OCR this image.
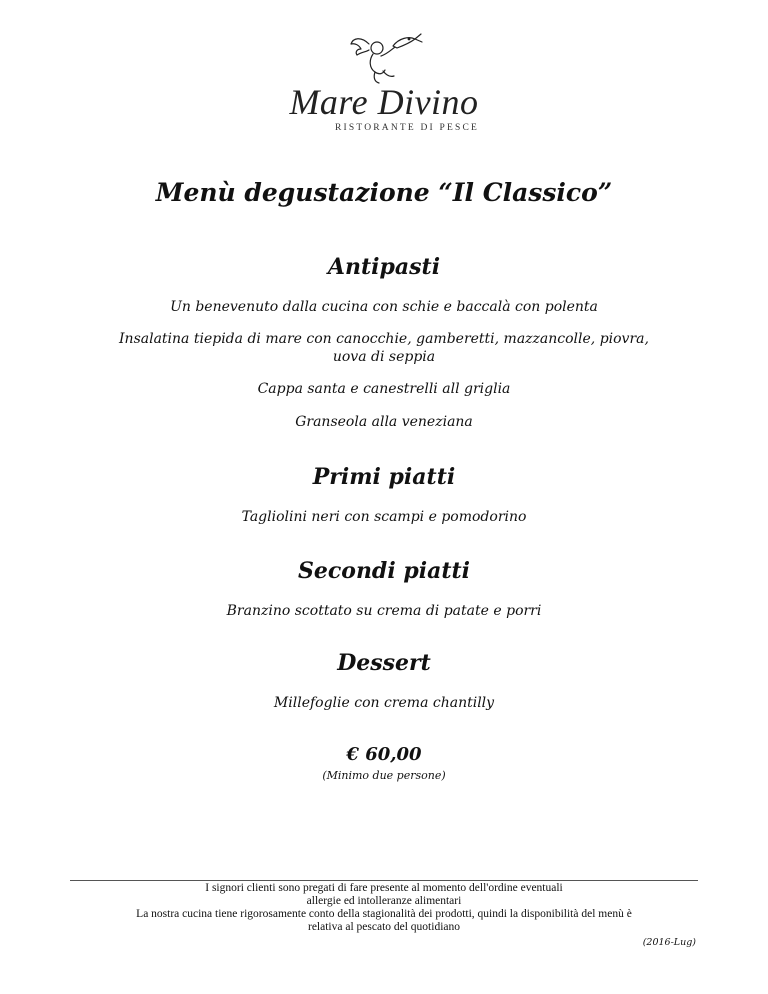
Mare Divino
RISTORANTE DI PESCE
Menù degustazione “Il Classico”
Antipasti

Un benevenuto dalla cucina con schie e baccalà con polenta

Insalatina tiepida di mare con canocchie, gamberetti, mazzancolle, piovra, uova di seppia

Cappa santa e canestrelli all griglia

Granseola alla veneziana

Primi piatti

Tagliolini neri con scampi e pomodorino

Secondi piatti

Branzino scottato su crema di patate e porri

Dessert

Millefoglie con crema chantilly

€ 60,00
(Minimo due persone)

I signori clienti sono pregati di fare presente al momento dell'ordine eventuali

allergie ed intolleranze alimentari

La nostra cucina tiene rigorosamente conto della stagionalità dei prodotti, quindi la disponibilità del menù è

relativa al pescato del quotidiano

(2016-Lug)
